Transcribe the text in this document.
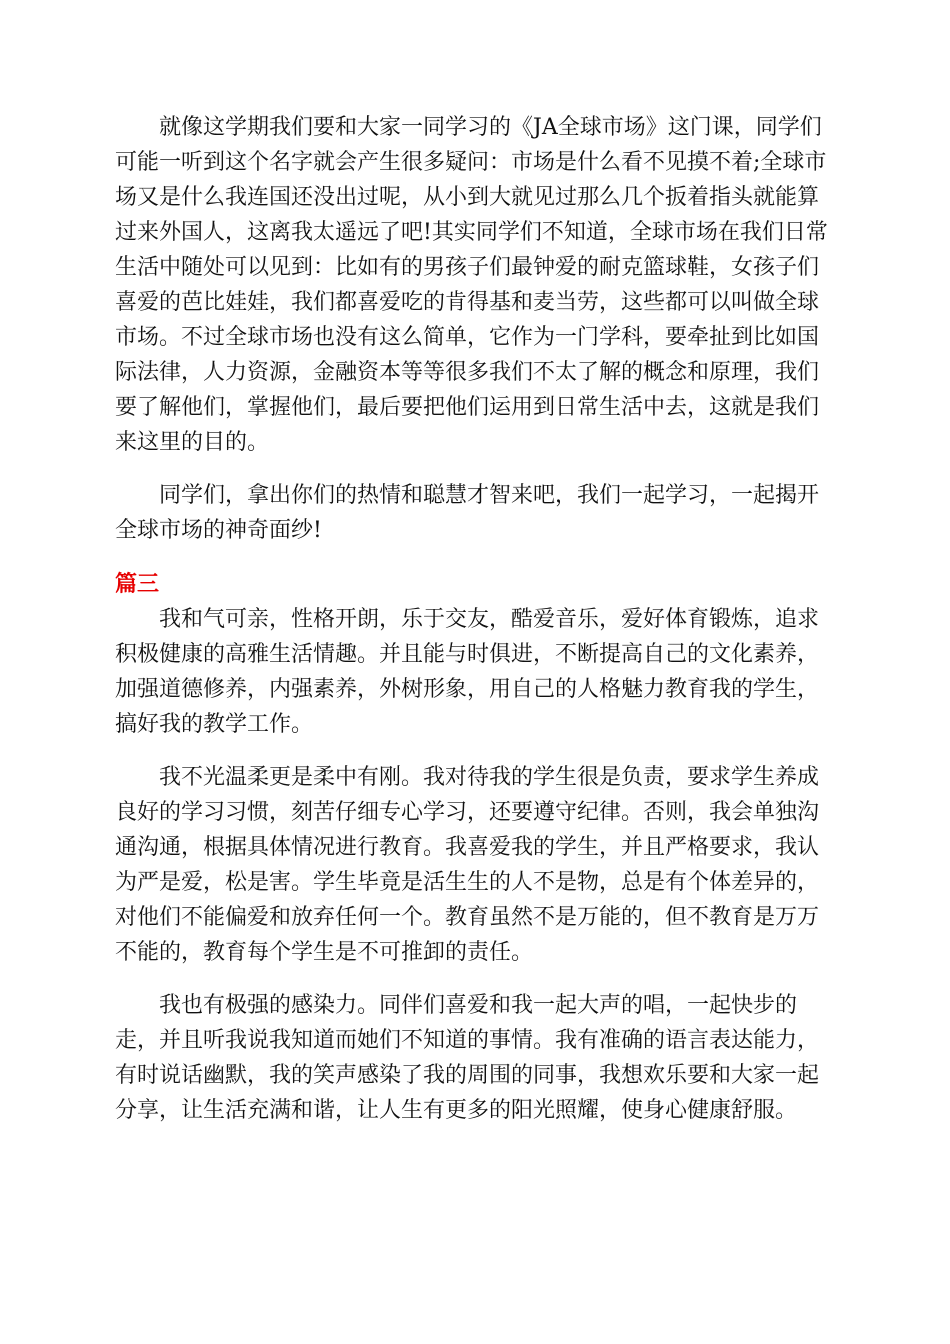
就像这学期我们要和大家一同学习的《JA全球市场》这门课，同学们可能一听到这个名字就会产生很多疑问：市场是什么看不见摸不着;全球市场又是什么我连国还没出过呢，从小到大就见过那么几个扳着指头就能算过来外国人，这离我太遥远了吧!其实同学们不知道，全球市场在我们日常生活中随处可以见到：比如有的男孩子们最钟爱的耐克篮球鞋，女孩子们喜爱的芭比娃娃，我们都喜爱吃的肯得基和麦当劳，这些都可以叫做全球市场。不过全球市场也没有这么简单，它作为一门学科，要牵扯到比如国际法律，人力资源，金融资本等等很多我们不太了解的概念和原理，我们要了解他们，掌握他们，最后要把他们运用到日常生活中去，这就是我们来这里的目的。

同学们，拿出你们的热情和聪慧才智来吧，我们一起学习，一起揭开全球市场的神奇面纱!

篇三

我和气可亲，性格开朗，乐于交友，酷爱音乐，爱好体育锻炼，追求积极健康的高雅生活情趣。并且能与时俱进，不断提高自己的文化素养，加强道德修养，内强素养，外树形象，用自己的人格魅力教育我的学生，搞好我的教学工作。

我不光温柔更是柔中有刚。我对待我的学生很是负责，要求学生养成良好的学习习惯，刻苦仔细专心学习，还要遵守纪律。否则，我会单独沟通沟通，根据具体情况进行教育。我喜爱我的学生，并且严格要求，我认为严是爱，松是害。学生毕竟是活生生的人不是物，总是有个体差异的，对他们不能偏爱和放弃任何一个。教育虽然不是万能的，但不教育是万万不能的，教育每个学生是不可推卸的责任。

我也有极强的感染力。同伴们喜爱和我一起大声的唱，一起快步的走，并且听我说我知道而她们不知道的事情。我有准确的语言表达能力，有时说话幽默，我的笑声感染了我的周围的同事，我想欢乐要和大家一起分享，让生活充满和谐，让人生有更多的阳光照耀，使身心健康舒服。
